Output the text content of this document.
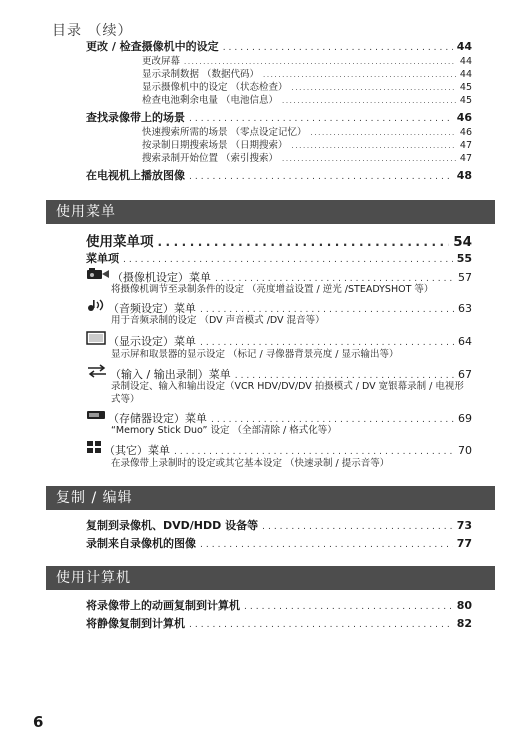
目录 （续）
更改 / 检查摄像机中的设定 .....	44
更改屏幕 .....	44
显示录制数据 （数据代码） .....	44
显示摄像机中的设定 （状态检查） .....	45
检查电池剩余电量 （电池信息） .....	45
查找录像带上的场景 .....	46
快速搜索所需的场景 （零点设定记忆） .....	46
按录制日期搜索场景 （日期搜索） .....	47
搜索录制开始位置 （索引搜索） .....	47
在电视机上播放图像 .....	48
使用菜单
使用菜单项 .....	54
菜单项 .....	55
（摄像机设定）菜单 .....	57
将摄像机调节至录制条件的设定 （亮度增益设置 / 逆光 /STEADYSHOT 等）
（音频设定）菜单 .....	63
用于音频录制的设定 （DV 声音模式 /DV 混音等）
（显示设定）菜单 .....	64
显示屏和取景器的显示设定 （标记 / 寻像器背景亮度 / 显示输出等）
（输入 / 输出录制）菜单 .....	67
录制设定、输入和输出设定（VCR HDV/DV/DV 拍摄模式 / DV 宽银幕录制 / 电视形式等）
（存储器设定）菜单 .....	69
“Memory Stick Duo” 设定 （全部清除 / 格式化等）
（其它）菜单 .....	70
在录像带上录制时的设定或其它基本设定 （快速录制 / 提示音等）
复制 / 编辑
复制到录像机、DVD/HDD 设备等 .....	73
录制来自录像机的图像 .....	77
使用计算机
将录像带上的动画复制到计算机 .....	80
将静像复制到计算机 .....	82
6
